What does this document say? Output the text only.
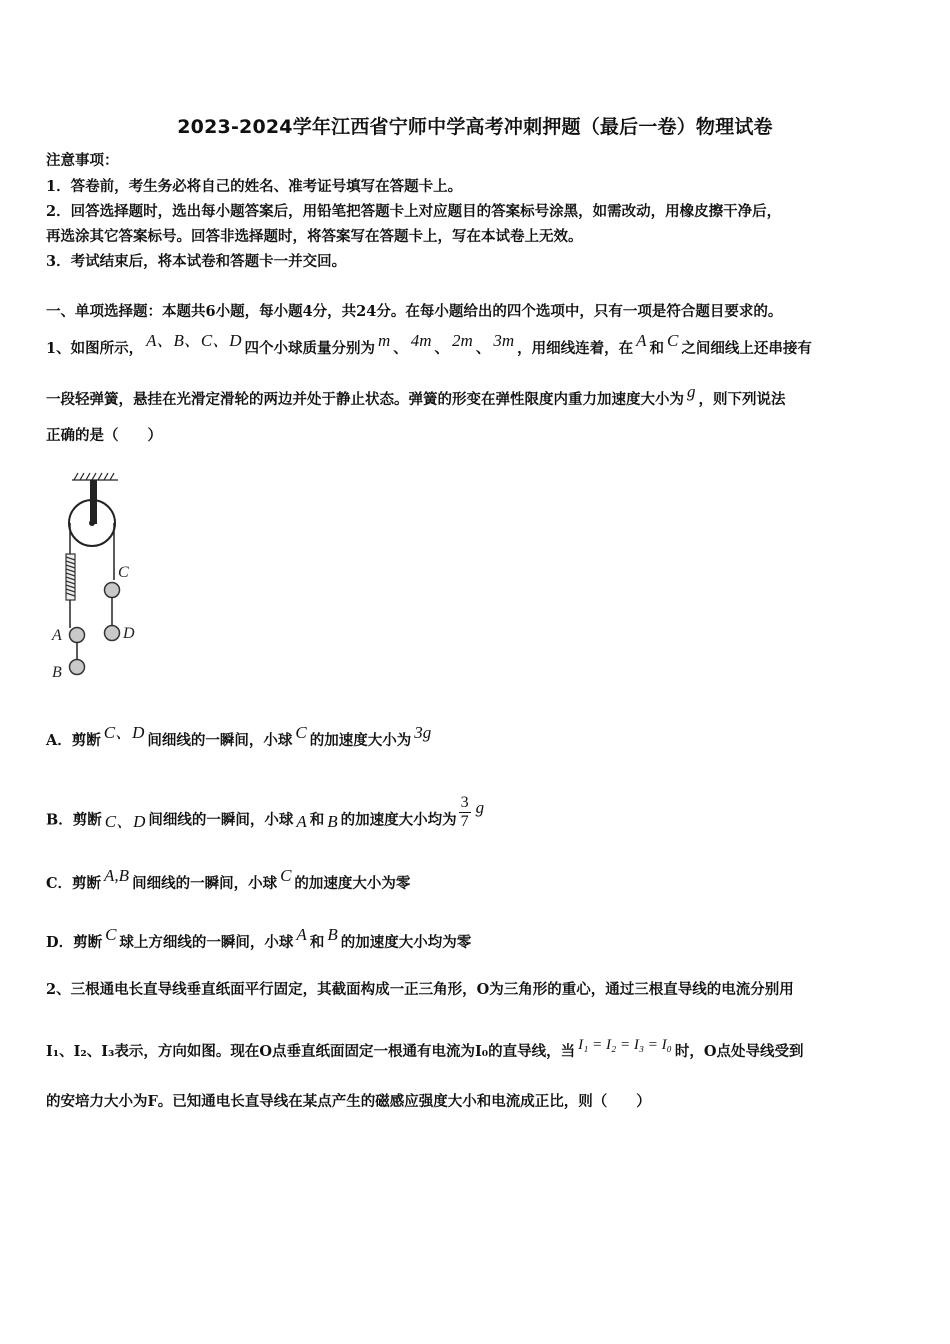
2023-2024学年江西省宁师中学高考冲刺押题（最后一卷）物理试卷
注意事项：
1．答卷前，考生务必将自己的姓名、准考证号填写在答题卡上。
2．回答选择题时，选出每小题答案后，用铅笔把答题卡上对应题目的答案标号涂黑，如需改动，用橡皮擦干净后，
再选涂其它答案标号。回答非选择题时，将答案写在答题卡上，写在本试卷上无效。
3．考试结束后，将本试卷和答题卡一并交回。
一、单项选择题：本题共6小题，每小题4分，共24分。在每小题给出的四个选项中，只有一项是符合题目要求的。
1、如图所示， A、B、C、D 四个小球质量分别为 m 、 4m 、 2m 、 3m ，用细线连着，在 A 和 C 之间细线上还串接有
一段轻弹簧，悬挂在光滑定滑轮的两边并处于静止状态。弹簧的形变在弹性限度内重力加速度大小为 g ，则下列说法
正确的是（　　）
A
B
C
D
A．剪断 C、D 间细线的一瞬间，小球 C 的加速度大小为 3g
B．剪断 C、D 间细线的一瞬间，小球 A 和 B 的加速度大小均为 $\frac{3}{7}$ g
C．剪断 A,B 间细线的一瞬间，小球 C 的加速度大小为零
D．剪断 C 球上方细线的一瞬间，小球 A 和 B 的加速度大小均为零
2、三根通电长直导线垂直纸面平行固定，其截面构成一正三角形，O为三角形的重心，通过三根直导线的电流分别用
I₁、I₂、I₃表示，方向如图。现在O点垂直纸面固定一根通有电流为I₀的直导线，当 I₁ = I₂ = I₃ = I₀ 时，O点处导线受到
的安培力大小为F。已知通电长直导线在某点产生的磁感应强度大小和电流成正比，则（　　）
